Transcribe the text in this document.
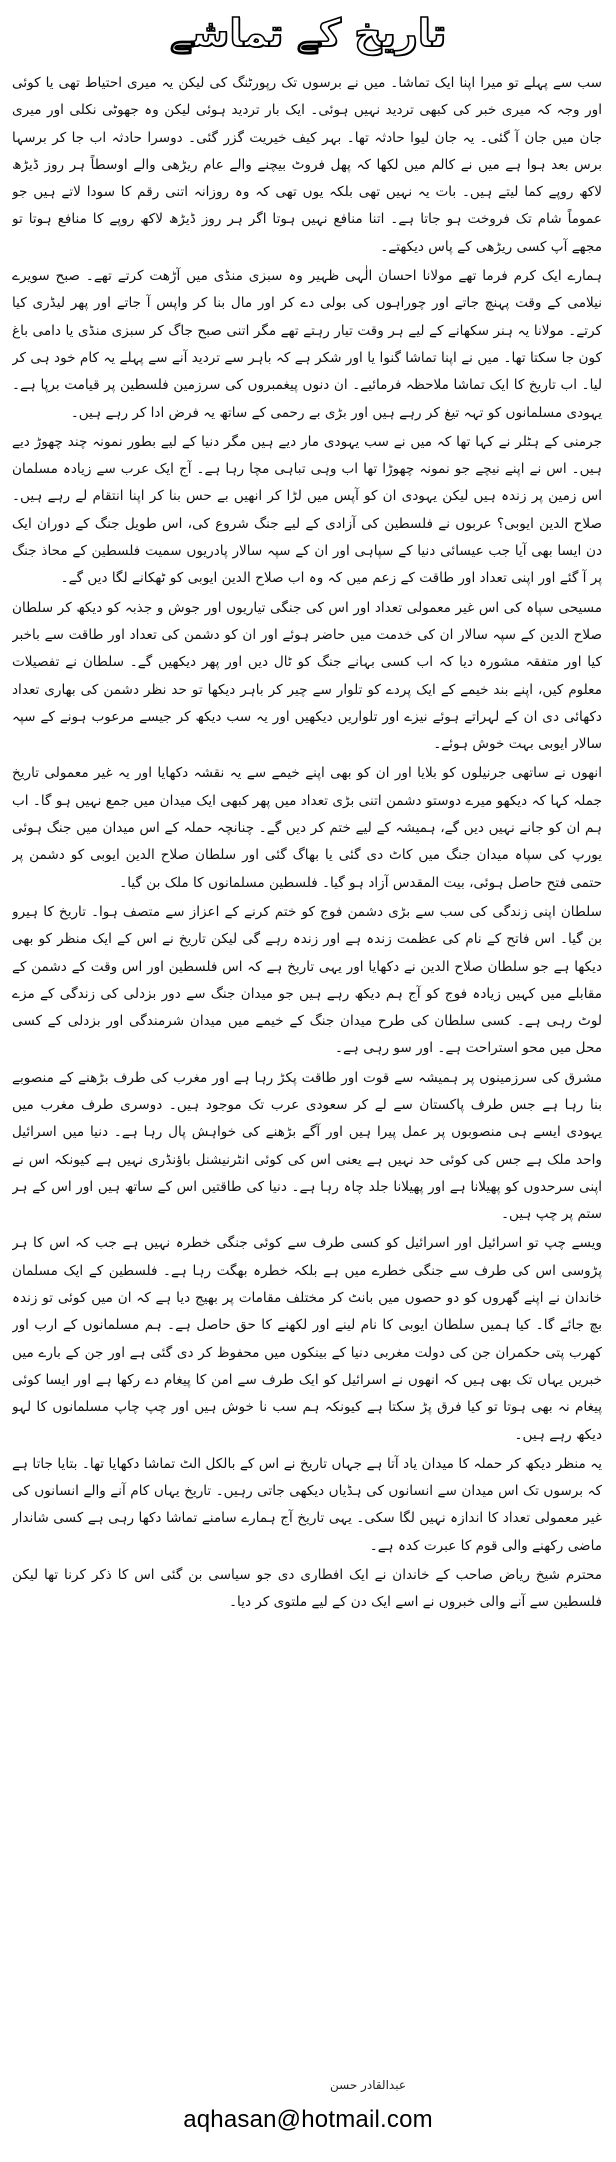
تاریخ کے تماشے

سب سے پہلے تو میرا اپنا ایک تماشا۔ میں نے برسوں تک رپورٹنگ کی لیکن یہ میری احتیاط تھی یا کوئی اور وجہ کہ میری خبر کی کبھی تردید نہیں ہوئی۔ ایک بار تردید ہوئی لیکن وہ جھوٹی نکلی اور میری جان میں جان آ گئی۔ یہ جان لیوا حادثہ تھا۔ بہر کیف خیریت گزر گئی۔ دوسرا حادثہ اب جا کر برسہا برس بعد ہوا ہے میں نے کالم میں لکھا کہ پھل فروٹ بیچنے والے عام ریڑھی والے اوسطاً ہر روز ڈیڑھ لاکھ روپے کما لیتے ہیں۔ بات یہ نہیں تھی بلکہ یوں تھی کہ وہ روزانہ اتنی رقم کا سودا لاتے ہیں جو عموماً شام تک فروخت ہو جاتا ہے۔ اتنا منافع نہیں ہوتا اگر ہر روز ڈیڑھ لاکھ روپے کا منافع ہوتا تو مجھے آپ کسی ریڑھی کے پاس دیکھتے۔

ہمارے ایک کرم فرما تھے مولانا احسان الٰہی ظہیر وہ سبزی منڈی میں آڑھت کرتے تھے۔ صبح سویرے نیلامی کے وقت پہنچ جاتے اور چوراہوں کی بولی دے کر اور مال بنا کر واپس آ جاتے اور پھر لیڈری کیا کرتے۔ مولانا یہ ہنر سکھانے کے لیے ہر وقت تیار رہتے تھے مگر اتنی صبح جاگ کر سبزی منڈی یا دامی باغ کون جا سکتا تھا۔ میں نے اپنا تماشا گنوا یا اور شکر ہے کہ باہر سے تردید آنے سے پہلے یہ کام خود ہی کر لیا۔ اب تاریخ کا ایک تماشا ملاحظہ فرمائیے۔ ان دنوں پیغمبروں کی سرزمین فلسطین پر قیامت برپا ہے۔ یہودی مسلمانوں کو تہہ تیغ کر رہے ہیں اور بڑی بے رحمی کے ساتھ یہ فرض ادا کر رہے ہیں۔

جرمنی کے ہٹلر نے کہا تھا کہ میں نے سب یہودی مار دیے ہیں مگر دنیا کے لیے بطور نمونہ چند چھوڑ دیے ہیں۔ اس نے اپنے نیچے جو نمونہ چھوڑا تھا اب وہی تباہی مچا رہا ہے۔ آج ایک عرب سے زیادہ مسلمان اس زمین پر زندہ ہیں لیکن یہودی ان کو آپس میں لڑا کر انھیں بے حس بنا کر اپنا انتقام لے رہے ہیں۔ صلاح الدین ایوبی؟ عربوں نے فلسطین کی آزادی کے لیے جنگ شروع کی، اس طویل جنگ کے دوران ایک دن ایسا بھی آیا جب عیسائی دنیا کے سپاہی اور ان کے سپہ سالار پادریوں سمیت فلسطین کے محاذ جنگ پر آ گئے اور اپنی تعداد اور طاقت کے زعم میں کہ وہ اب صلاح الدین ایوبی کو ٹھکانے لگا دیں گے۔

مسیحی سپاہ کی اس غیر معمولی تعداد اور اس کی جنگی تیاریوں اور جوش و جذبہ کو دیکھ کر سلطان صلاح الدین کے سپہ سالار ان کی خدمت میں حاضر ہوئے اور ان کو دشمن کی تعداد اور طاقت سے باخبر کیا اور متفقہ مشورہ دیا کہ اب کسی بہانے جنگ کو ٹال دیں اور پھر دیکھیں گے۔ سلطان نے تفصیلات معلوم کیں، اپنے بند خیمے کے ایک پردے کو تلوار سے چیر کر باہر دیکھا تو حد نظر دشمن کی بھاری تعداد دکھائی دی ان کے لہراتے ہوئے نیزے اور تلواریں دیکھیں اور یہ سب دیکھ کر جیسے مرعوب ہونے کے سپہ سالار ایوبی بہت خوش ہوئے۔

انھوں نے ساتھی جرنیلوں کو بلایا اور ان کو بھی اپنے خیمے سے یہ نقشہ دکھایا اور یہ غیر معمولی تاریخ جملہ کہا کہ دیکھو میرے دوستو دشمن اتنی بڑی تعداد میں پھر کبھی ایک میدان میں جمع نہیں ہو گا۔ اب ہم ان کو جانے نہیں دیں گے، ہمیشہ کے لیے ختم کر دیں گے۔ چنانچہ حملہ کے اس میدان میں جنگ ہوئی یورپ کی سپاہ میدان جنگ میں کاٹ دی گئی یا بھاگ گئی اور سلطان صلاح الدین ایوبی کو دشمن پر حتمی فتح حاصل ہوئی، بیت المقدس آزاد ہو گیا۔ فلسطین مسلمانوں کا ملک بن گیا۔

سلطان اپنی زندگی کی سب سے بڑی دشمن فوج کو ختم کرنے کے اعزاز سے متصف ہوا۔ تاریخ کا ہیرو بن گیا۔ اس فاتح کے نام کی عظمت زندہ ہے اور زندہ رہے گی لیکن تاریخ نے اس کے ایک منظر کو بھی دیکھا ہے جو سلطان صلاح الدین نے دکھایا اور یہی تاریخ ہے کہ اس فلسطین اور اس وقت کے دشمن کے مقابلے میں کہیں زیادہ فوج کو آج ہم دیکھ رہے ہیں جو میدان جنگ سے دور بزدلی کی زندگی کے مزے لوٹ رہی ہے۔ کسی سلطان کی طرح میدان جنگ کے خیمے میں میدان شرمندگی اور بزدلی کے کسی محل میں محو استراحت ہے۔ اور سو رہی ہے۔

مشرق کی سرزمینوں پر ہمیشہ سے قوت اور طاقت پکڑ رہا ہے اور مغرب کی طرف بڑھنے کے منصوبے بنا رہا ہے جس طرف پاکستان سے لے کر سعودی عرب تک موجود ہیں۔ دوسری طرف مغرب میں یہودی ایسے ہی منصوبوں پر عمل پیرا ہیں اور آگے بڑھنے کی خواہش پال رہا ہے۔ دنیا میں اسرائیل واحد ملک ہے جس کی کوئی حد نہیں ہے یعنی اس کی کوئی انٹرنیشنل باؤنڈری نہیں ہے کیونکہ اس نے اپنی سرحدوں کو پھیلانا ہے اور پھیلانا جلد چاہ رہا ہے۔ دنیا کی طاقتیں اس کے ساتھ ہیں اور اس کے ہر ستم پر چپ ہیں۔

ویسے چپ تو اسرائیل اور اسرائیل کو کسی طرف سے کوئی جنگی خطرہ نہیں ہے جب کہ اس کا ہر پڑوسی اس کی طرف سے جنگی خطرے میں ہے بلکہ خطرہ بھگت رہا ہے۔ فلسطین کے ایک مسلمان خاندان نے اپنے گھروں کو دو حصوں میں بانٹ کر مختلف مقامات پر بھیج دیا ہے کہ ان میں کوئی تو زندہ بچ جائے گا۔ کیا ہمیں سلطان ایوبی کا نام لینے اور لکھنے کا حق حاصل ہے۔ ہم مسلمانوں کے ارب اور کھرب پتی حکمران جن کی دولت مغربی دنیا کے بینکوں میں محفوظ کر دی گئی ہے اور جن کے بارے میں خبریں یہاں تک بھی ہیں کہ انھوں نے اسرائیل کو ایک طرف سے امن کا پیغام دے رکھا ہے اور ایسا کوئی پیغام نہ بھی ہوتا تو کیا فرق پڑ سکتا ہے کیونکہ ہم سب نا خوش ہیں اور چپ چاپ مسلمانوں کا لہو دیکھ رہے ہیں۔

یہ منظر دیکھ کر حملہ کا میدان یاد آتا ہے جہاں تاریخ نے اس کے بالکل الٹ تماشا دکھایا تھا۔ بتایا جاتا ہے کہ برسوں تک اس میدان سے انسانوں کی ہڈیاں دیکھی جاتی رہیں۔ تاریخ یہاں کام آنے والے انسانوں کی غیر معمولی تعداد کا اندازہ نہیں لگا سکی۔ یہی تاریخ آج ہمارے سامنے تماشا دکھا رہی ہے کسی شاندار ماضی رکھنے والی قوم کا عبرت کدہ ہے۔

محترم شیخ ریاض صاحب کے خاندان نے ایک افطاری دی جو سیاسی بن گئی اس کا ذکر کرنا تھا لیکن فلسطین سے آنے والی خبروں نے اسے ایک دن کے لیے ملتوی کر دیا۔

عبدالقادر حسن
aqhasan@hotmail.com
